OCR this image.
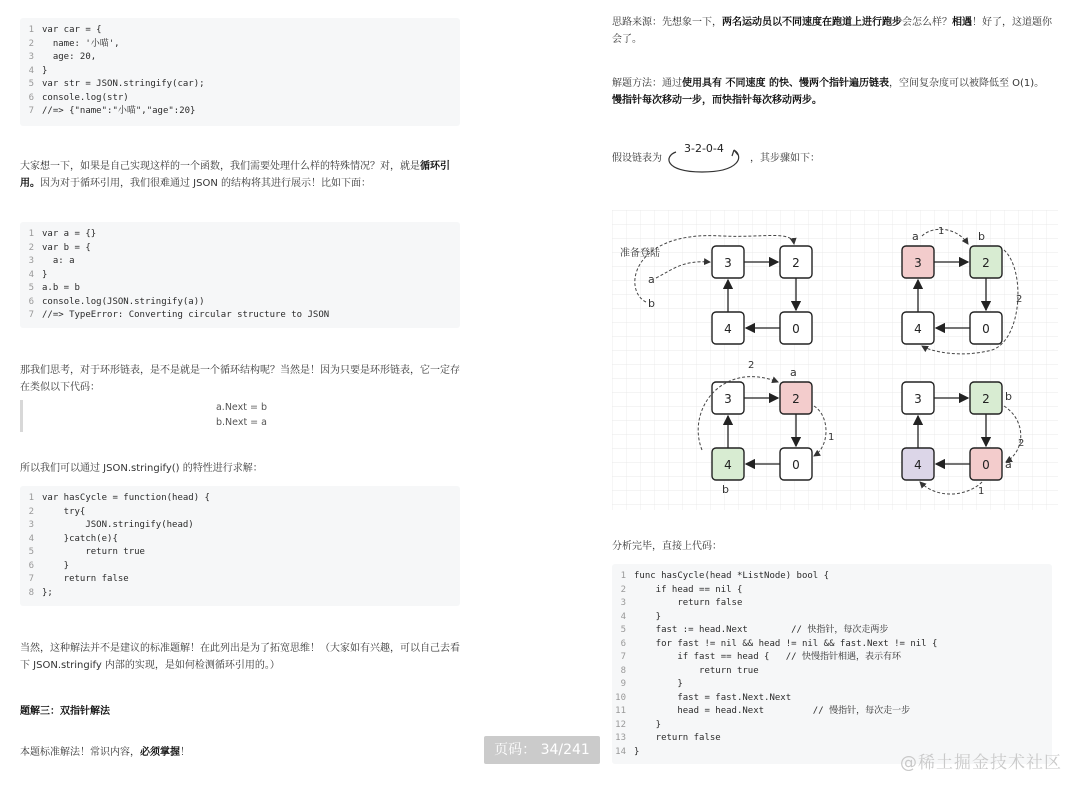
1 var car = {
2 name: '小喵',
3 age: 20,
4 }
5 var str = JSON.stringify(car);
6 console.log(str)
7 //=> {"name":"小喵","age":20}
大家想一下，如果是自己实现这样的一个函数，我们需要处理什么样的特殊情况？对，就是循环引用。因为对于循环引用，我们很难通过 JSON 的结构将其进行展示！比如下面：
1 var a = {}
2 var b = {
3 a: a
4 }
5 a.b = b
6 console.log(JSON.stringify(a))
7 //=> TypeError: Converting circular structure to JSON
那我们思考，对于环形链表，是不是就是一个循环结构呢？当然是！因为只要是环形链表，它一定存在类似以下代码：
a.Next = b
b.Next = a
所以我们可以通过 JSON.stringify() 的特性进行求解：
1 var hasCycle = function(head) {
2 try{
3 JSON.stringify(head)
4 }catch(e){
5 return true
6 }
7 return false
8 };
当然，这种解法并不是建议的标准题解！在此列出是为了拓宽思维！（大家如有兴趣，可以自己去看下 JSON.stringify 内部的实现，是如何检测循环引用的。）
题解三：双指针解法
本题标准解法！常识内容，必须掌握！
思路来源：先想象一下，两名运动员以不同速度在跑道上进行跑步会怎么样？相遇！好了，这道题你会了。
解题方法：通过使用具有 不同速度 的快、慢两个指针遍历链表，空间复杂度可以被降低至 O(1)。慢指针每次移动一步，而快指针每次移动两步。
假设链表为
3-2-0-4
，其步骤如下：
准备登陆
3	2
4	0
a
b
3	2
4	0
a	b
1
2
3	2
4	0
a
b
2
1
3	2
4	0
b
a
2
1
分析完毕，直接上代码：
1 func hasCycle(head *ListNode) bool {
2 if head == nil {
3 return false
4 }
5 fast := head.Next        // 快指针，每次走两步
6 for fast != nil && head != nil && fast.Next != nil {
7 if fast == head {   // 快慢指针相遇，表示有环
8 return true
9 }
10 fast = fast.Next.Next
11 head = head.Next         // 慢指针，每次走一步
12 }
13 return false
14 }
页码： 34/241
@稀土掘金技术社区
